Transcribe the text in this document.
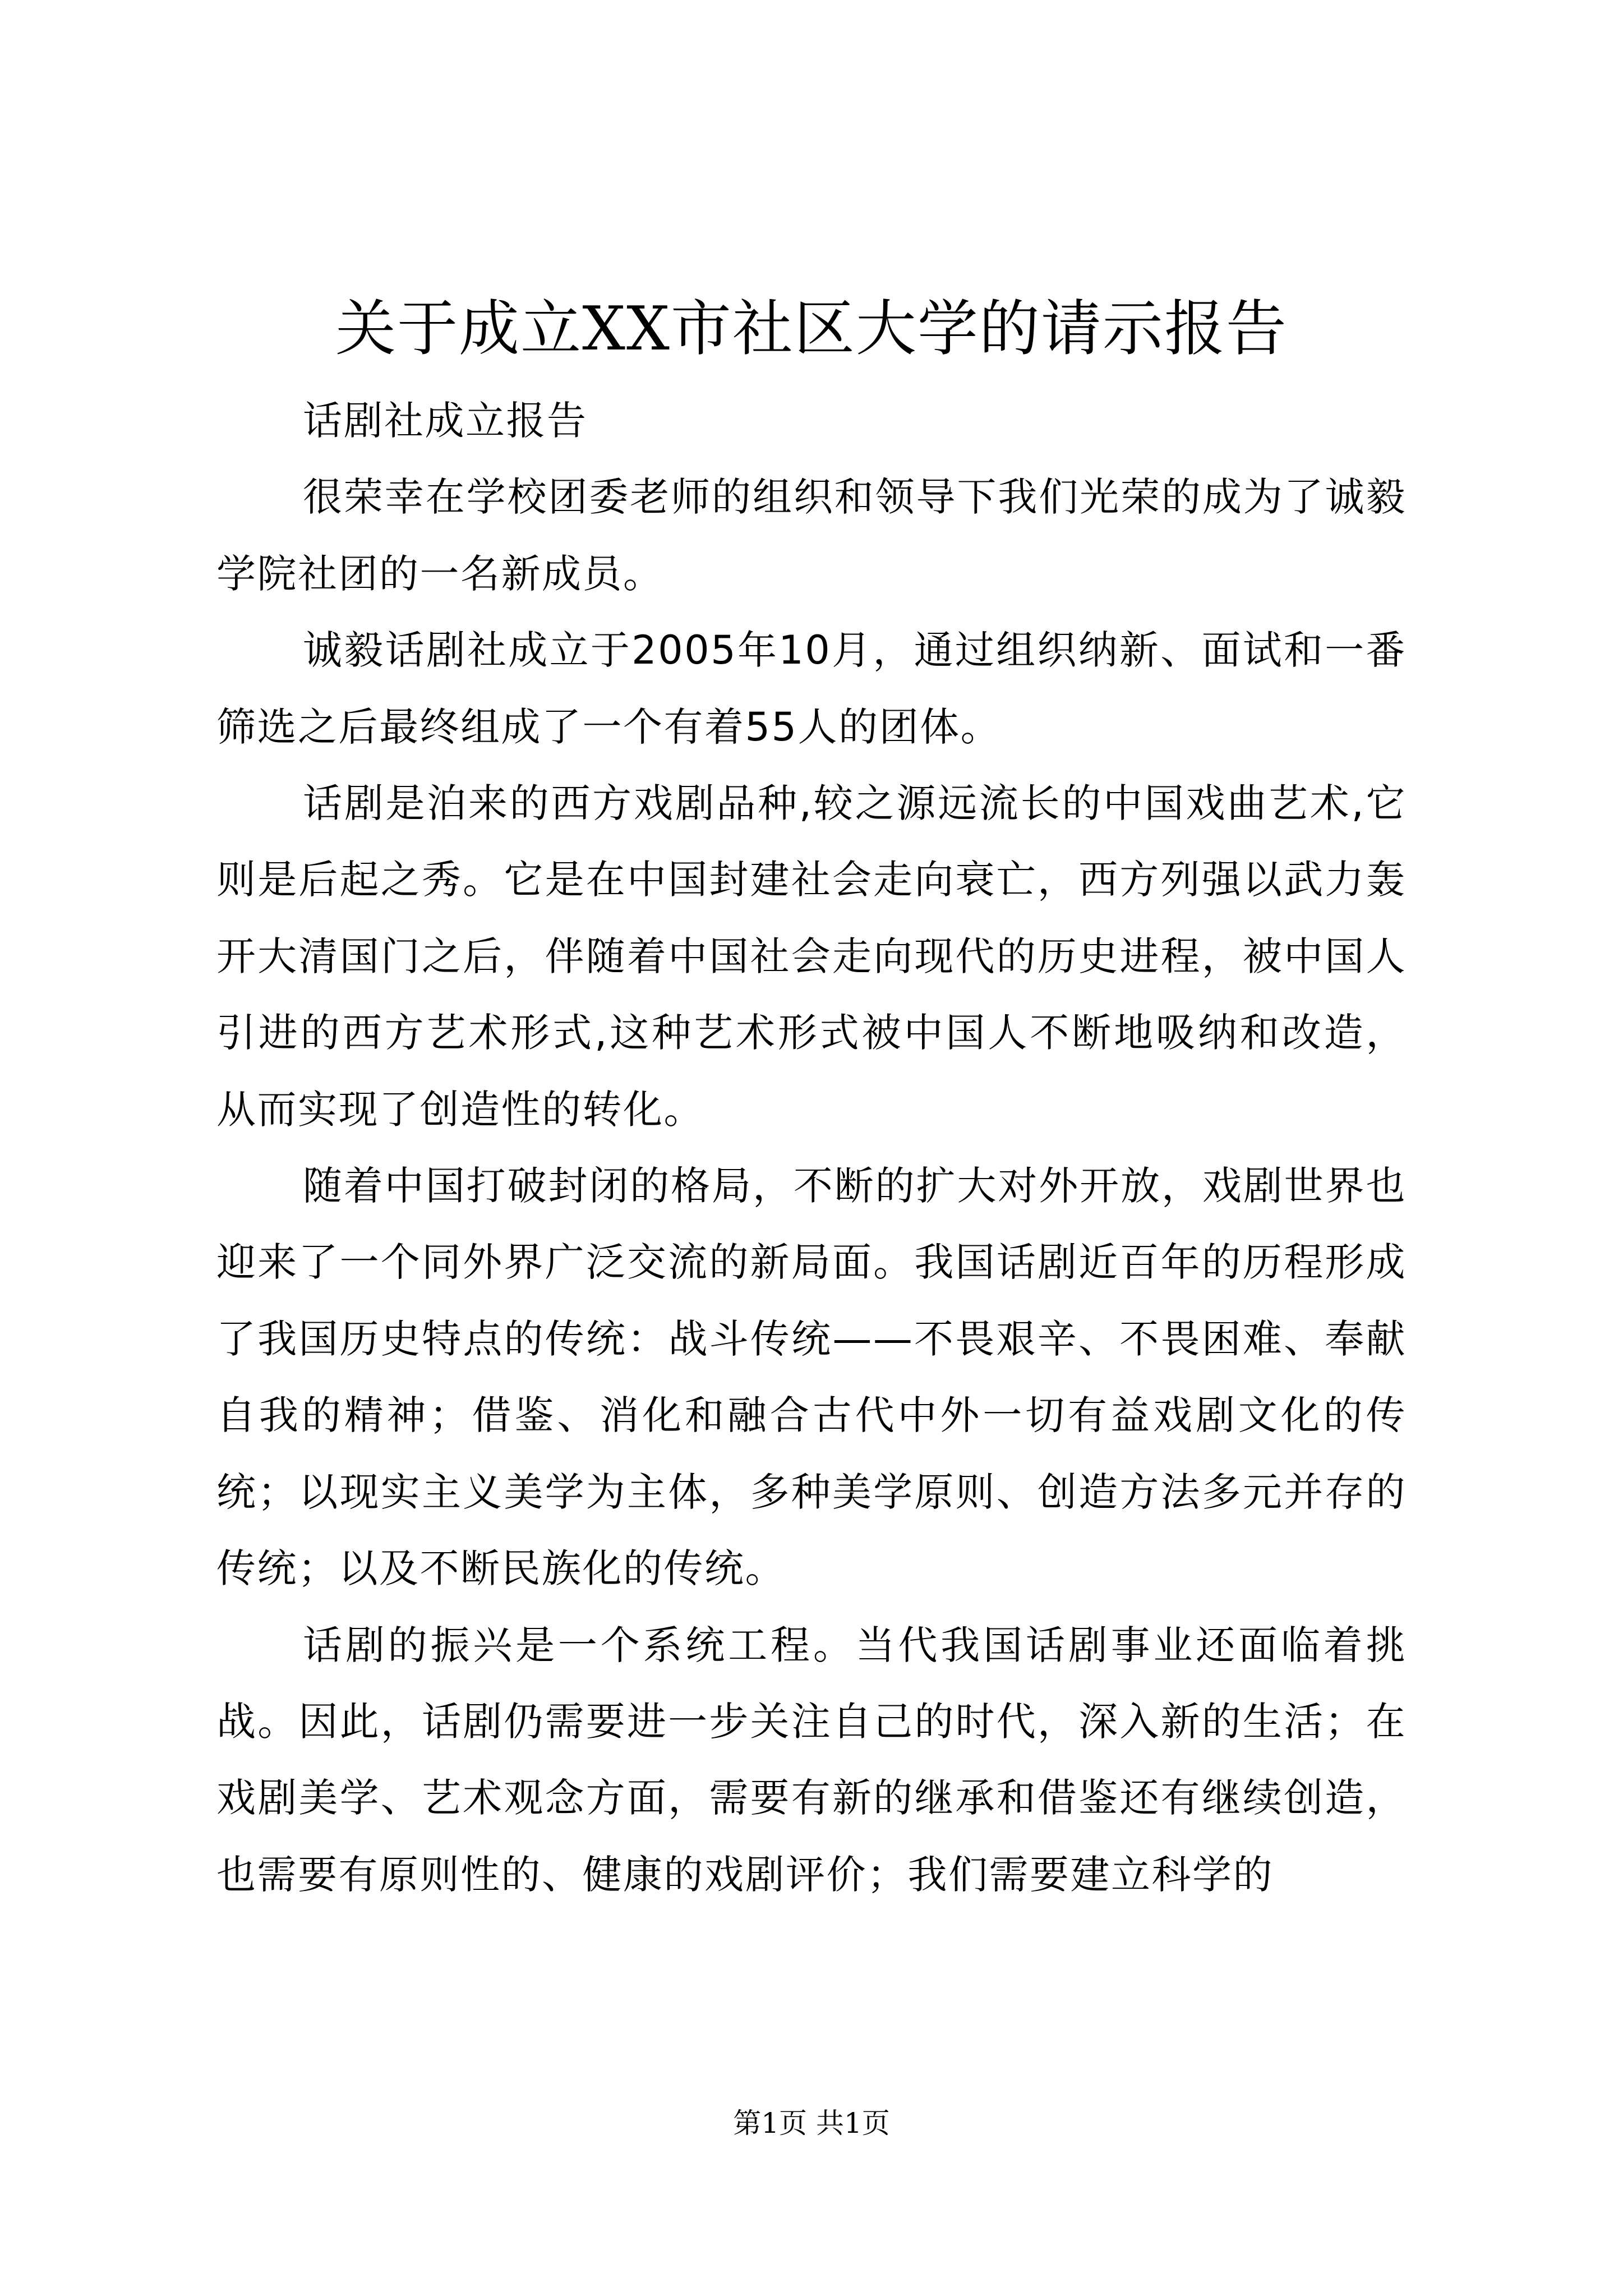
关于成立XX市社区大学的请示报告

话剧社成立报告

很荣幸在学校团委老师的组织和领导下我们光荣的成为了诚毅学院社团的一名新成员。

诚毅话剧社成立于2005年10月，通过组织纳新、面试和一番筛选之后最终组成了一个有着55人的团体。

话剧是泊来的西方戏剧品种,较之源远流长的中国戏曲艺术,它则是后起之秀。它是在中国封建社会走向衰亡，西方列强以武力轰开大清国门之后，伴随着中国社会走向现代的历史进程，被中国人引进的西方艺术形式,这种艺术形式被中国人不断地吸纳和改造，从而实现了创造性的转化。

随着中国打破封闭的格局，不断的扩大对外开放，戏剧世界也迎来了一个同外界广泛交流的新局面。我国话剧近百年的历程形成了我国历史特点的传统：战斗传统——不畏艰辛、不畏困难、奉献自我的精神；借鉴、消化和融合古代中外一切有益戏剧文化的传统；以现实主义美学为主体，多种美学原则、创造方法多元并存的传统；以及不断民族化的传统。

话剧的振兴是一个系统工程。当代我国话剧事业还面临着挑战。因此，话剧仍需要进一步关注自己的时代，深入新的生活；在戏剧美学、艺术观念方面，需要有新的继承和借鉴还有继续创造，也需要有原则性的、健康的戏剧评价；我们需要建立科学的

第1页 共1页
